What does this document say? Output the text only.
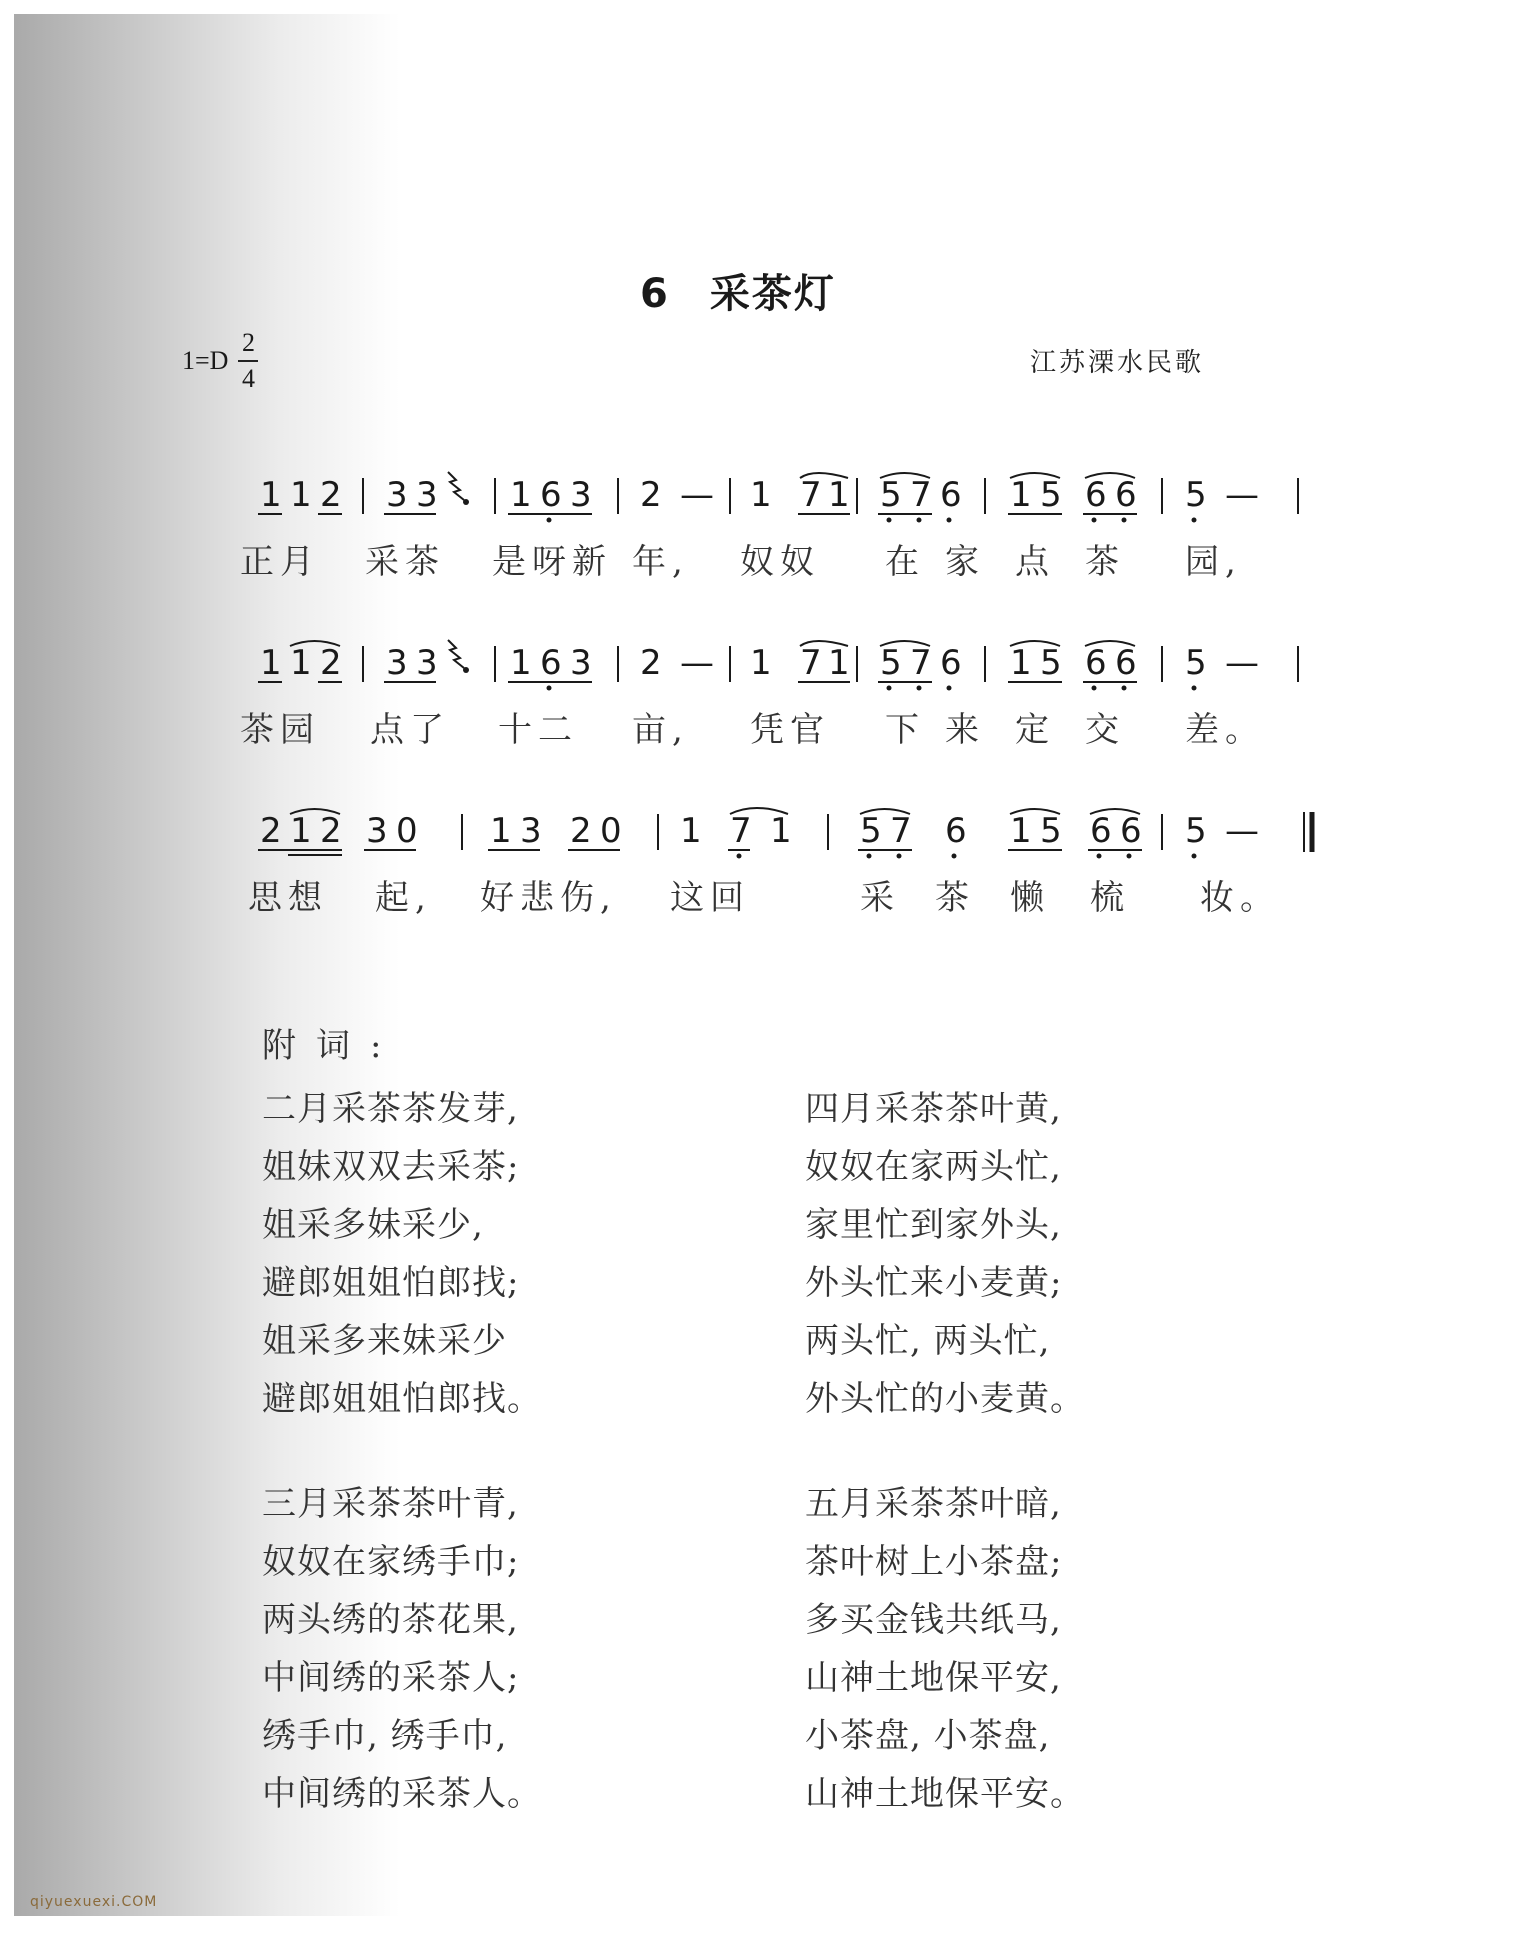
6 采茶灯
$1=D \frac{2}{4}$	江苏溧水民歌
1 1 2 3 3 1 6 3 2 — 1 7 1 5 7 6 1 5 6 6 5 —
正月 采茶 是呀新 年, 奴奴 在 家 点 茶 园,
1 1 2 3 3 1 6 3 2 — 1 7 1 5 7 6 1 5 6 6 5 —
茶园 点了 十二 亩, 凭官 下 来 定 交 差。
2 1 2 3 0 1 3 2 0 1 7 1 5 7 6 1 5 6 6 5 —
思想 起, 好悲伤, 这回	采 茶 懒 梳 妆。
附词:
二月采茶茶发芽,
姐妹双双去采茶;
姐采多妹采少,
避郎姐姐怕郎找;
姐采多来妹采少
避郎姐姐怕郎找。
三月采茶茶叶青,
奴奴在家绣手巾;
两头绣的茶花果,
中间绣的采茶人;
绣手巾, 绣手巾,
中间绣的采茶人。
四月采茶茶叶黄,
奴奴在家两头忙,
家里忙到家外头,
外头忙来小麦黄;
两头忙, 两头忙,
外头忙的小麦黄。
五月采茶茶叶暗,
茶叶树上小茶盘;
多买金钱共纸马,
山神土地保平安,
小茶盘, 小茶盘,
山神土地保平安。
qiyuexuexi.COM
